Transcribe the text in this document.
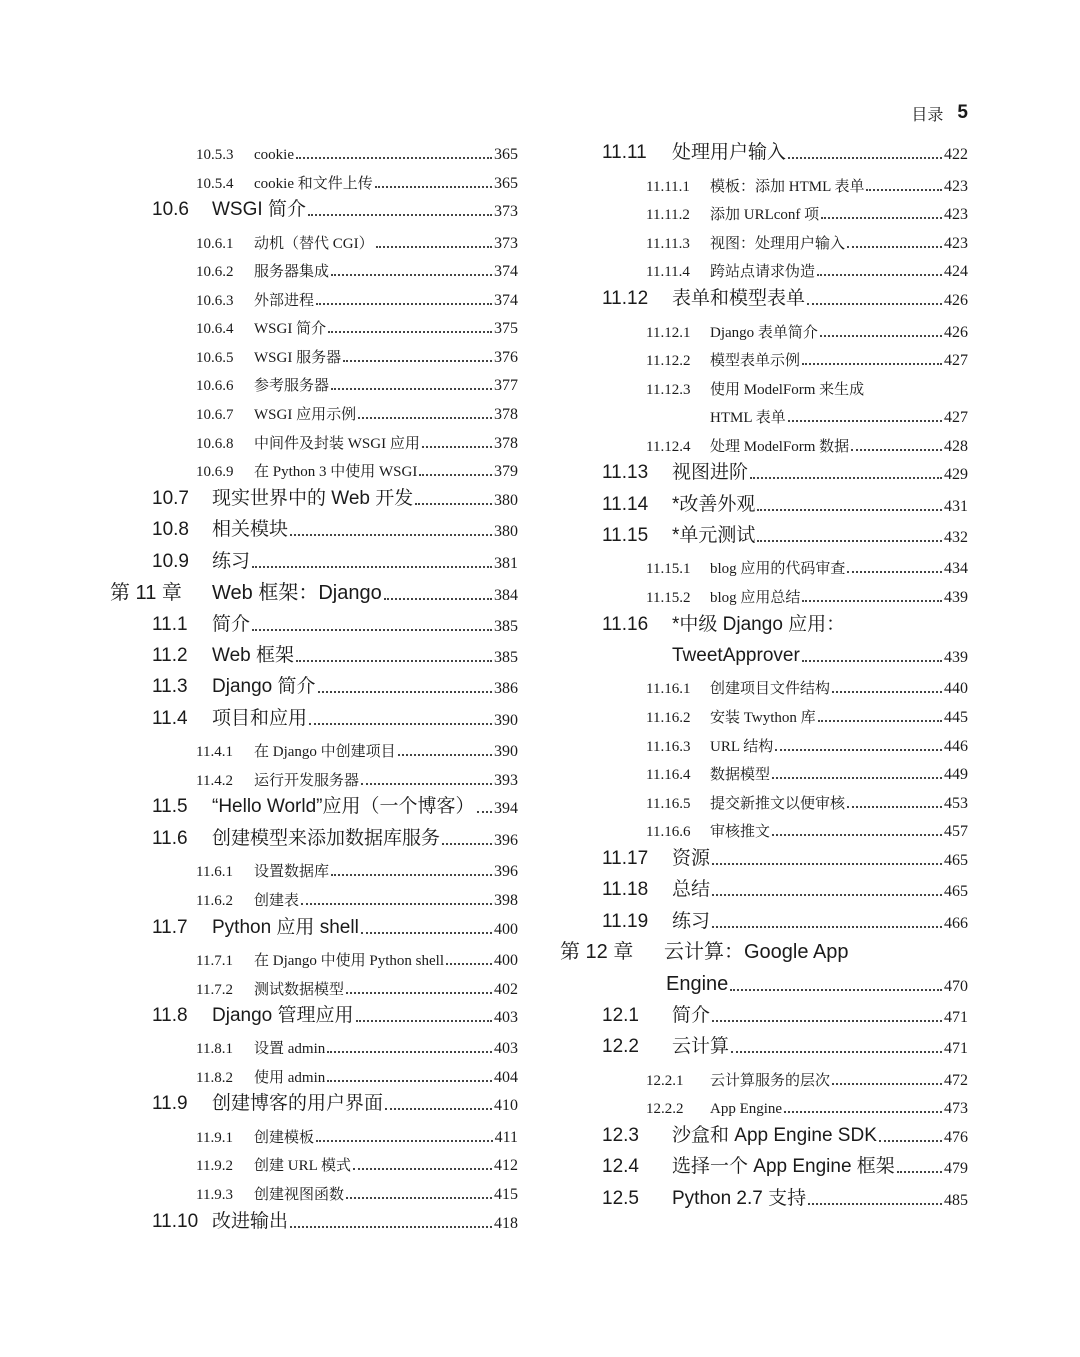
目录 5
10.5.3	cookie	365
10.5.4	cookie 和文件上传	365
10.6	WSGI 简介	373
10.6.1	动机（替代 CGI）	373
10.6.2	服务器集成	374
10.6.3	外部进程	374
10.6.4	WSGI 简介	375
10.6.5	WSGI 服务器	376
10.6.6	参考服务器	377
10.6.7	WSGI 应用示例	378
10.6.8	中间件及封装 WSGI 应用	378
10.6.9	在 Python 3 中使用 WSGI	379
10.7	现实世界中的 Web 开发	380
10.8	相关模块	380
10.9	练习	381
第 11 章	Web 框架：Django	384
11.1	简介	385
11.2	Web 框架	385
11.3	Django 简介	386
11.4	项目和应用	390
11.4.1	在 Django 中创建项目	390
11.4.2	运行开发服务器	393
11.5	“Hello World”应用（一个博客） 394
11.6	创建模型来添加数据库服务	396
11.6.1	设置数据库	396
11.6.2	创建表	398
11.7	Python 应用 shell	400
11.7.1	在 Django 中使用 Python shell	400
11.7.2	测试数据模型	402
11.8	Django 管理应用	403
11.8.1	设置 admin	403
11.8.2	使用 admin	404
11.9	创建博客的用户界面	410
11.9.1	创建模板	411
11.9.2	创建 URL 模式	412
11.9.3	创建视图函数	415
11.10 改进输出	418
11.11	处理用户输入	422
11.11.1	模板：添加 HTML 表单	423
11.11.2	添加 URLconf 项	423
11.11.3	视图：处理用户输入	423
11.11.4	跨站点请求伪造	424
11.12	表单和模型表单	426
11.12.1	Django 表单简介	426
11.12.2	模型表单示例	427
11.12.3	使用 ModelForm 来生成
HTML 表单	427
11.12.4	处理 ModelForm 数据	428
11.13	视图进阶	429
11.14	*改善外观	431
11.15	*单元测试	432
11.15.1	blog 应用的代码审查	434
11.15.2	blog 应用总结	439
11.16	*中级 Django 应用：
TweetApprover	439
11.16.1	创建项目文件结构	440
11.16.2	安装 Twython 库	445
11.16.3	URL 结构	446
11.16.4	数据模型	449
11.16.5	提交新推文以便审核	453
11.16.6	审核推文	457
11.17	资源	465
11.18	总结	465
11.19	练习	466
第 12 章	云计算：Google App
Engine	470
12.1	简介	471
12.2	云计算	471
12.2.1	云计算服务的层次	472
12.2.2	App Engine	473
12.3	沙盒和 App Engine SDK	476
12.4	选择一个 App Engine 框架	479
12.5	Python 2.7 支持	485
